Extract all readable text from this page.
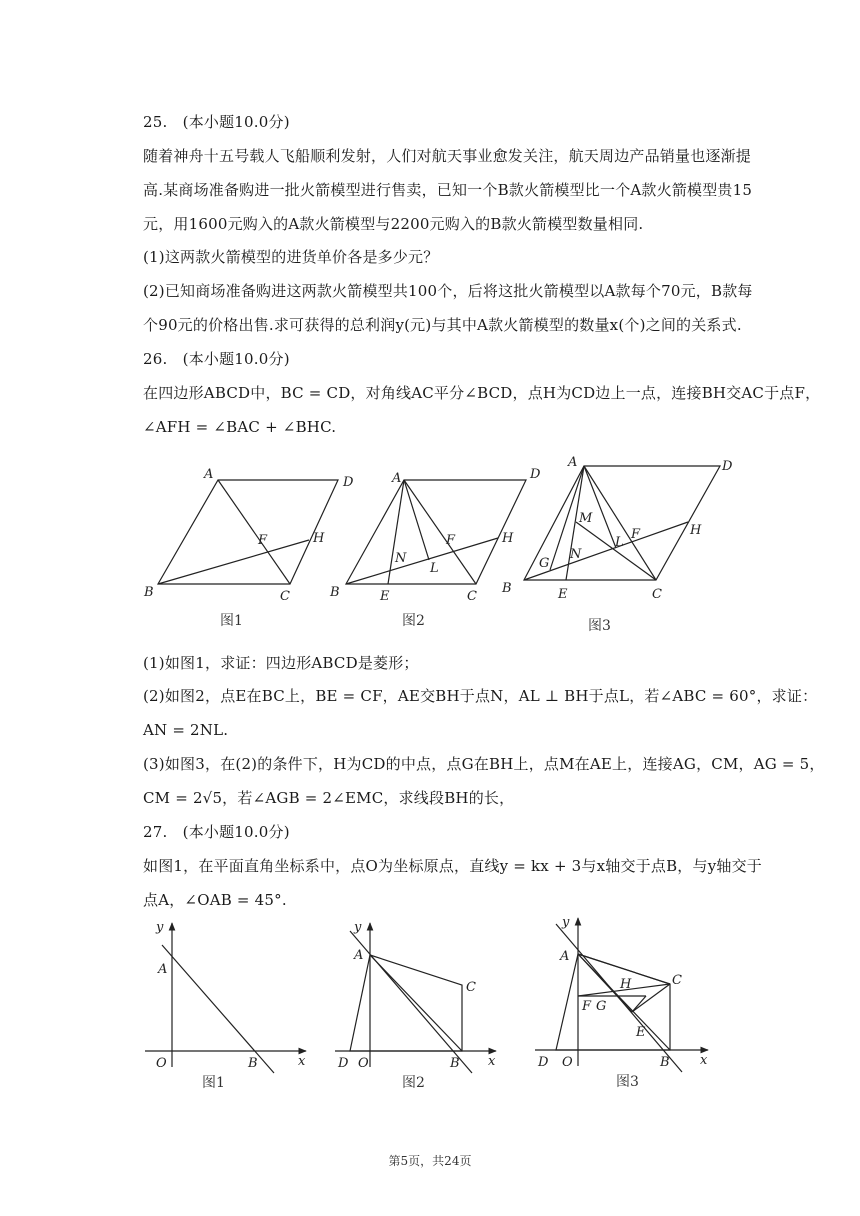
25.　(本小题10.0分)
随着神舟十五号载人飞船顺利发射，人们对航天事业愈发关注，航天周边产品销量也逐渐提
高.某商场准备购进一批火箭模型进行售卖，已知一个B款火箭模型比一个A款火箭模型贵15
元，用1600元购入的A款火箭模型与2200元购入的B款火箭模型数量相同.
(1)这两款火箭模型的进货单价各是多少元？
(2)已知商场准备购进这两款火箭模型共100个，后将这批火箭模型以A款每个70元，B款每
个90元的价格出售.求可获得的总利润y(元)与其中A款火箭模型的数量x(个)之间的关系式.
26.　(本小题10.0分)
在四边形ABCD中，BC = CD，对角线AC平分∠BCD，点H为CD边上一点，连接BH交AC于点F，
∠AFH = ∠BAC + ∠BHC.
A
D
F	H
B	C
图1
A	D
F	H
N
L
B	E	C
图2
A	D
M
F
L
H
G
N
B	E	C
图3
(1)如图1，求证：四边形ABCD是菱形；
(2)如图2，点E在BC上，BE = CF，AE交BH于点N，AL ⊥ BH于点L，若∠ABC = 60°，求证：
AN = 2NL.
(3)如图3，在(2)的条件下，H为CD的中点，点G在BH上，点M在AE上，连接AG，CM，AG = 5，
CM = 2√5，若∠AGB = 2∠EMC，求线段BH的长，
27.　(本小题10.0分)
如图1，在平面直角坐标系中，点O为坐标原点，直线y = kx + 3与x轴交于点B，与y轴交于
点A，∠OAB = 45°.
y
A
O	B	x
图1
y
A
C
D O	B x
图2
y
A
C
H
F G
E
D O	B x
图3
第5页，共24页
